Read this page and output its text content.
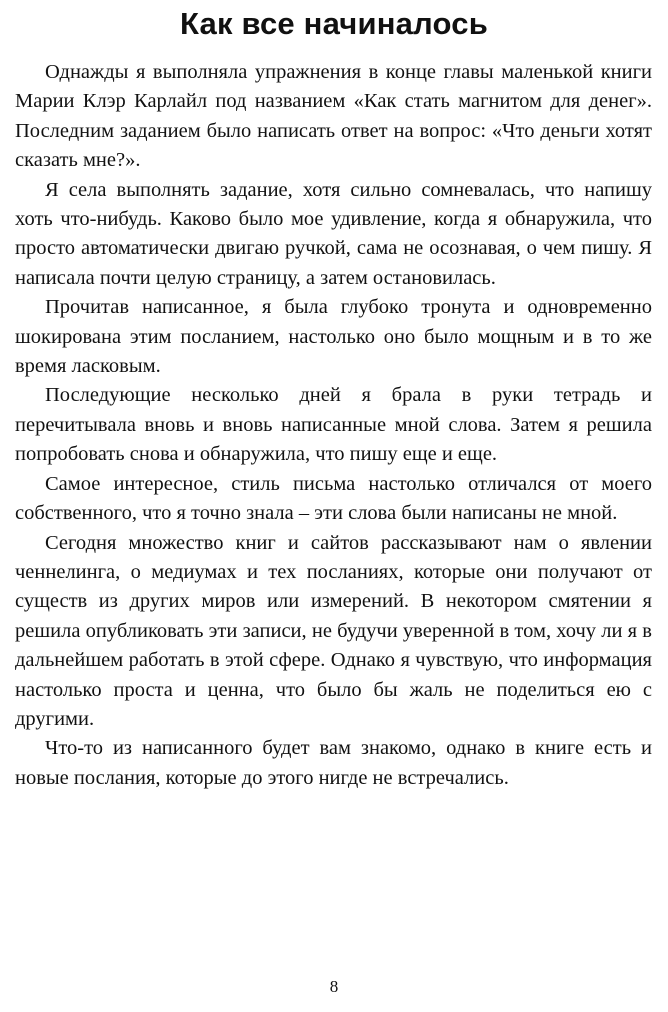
Как все начиналось

Однажды я выполняла упражнения в конце главы маленькой книги Марии Клэр Карлайл под названием «Как стать магнитом для денег». Последним заданием было написать ответ на вопрос: «Что деньги хотят сказать мне?».

Я села выполнять задание, хотя сильно сомневалась, что напишу хоть что-нибудь. Каково было мое удивление, когда я обнаружила, что просто автоматически двигаю ручкой, сама не осознавая, о чем пишу. Я написала почти целую страницу, а затем остановилась.

Прочитав написанное, я была глубоко тронута и одновременно шокирована этим посланием, настолько оно было мощным и в то же время ласковым.

Последующие несколько дней я брала в руки тетрадь и перечитывала вновь и вновь написанные мной слова. Затем я решила попробовать снова и обнаружила, что пишу еще и еще.

Самое интересное, стиль письма настолько отличался от моего собственного, что я точно знала – эти слова были написаны не мной.

Сегодня множество книг и сайтов рассказывают нам о явлении ченнелинга, о медиумах и тех посланиях, которые они получают от существ из других миров или измерений. В некотором смятении я решила опубликовать эти записи, не будучи уверенной в том, хочу ли я в дальнейшем работать в этой сфере. Однако я чувствую, что информация настолько проста и ценна, что было бы жаль не поделиться ею с другими.

Что-то из написанного будет вам знакомо, однако в книге есть и новые послания, которые до этого нигде не встречались.

8
